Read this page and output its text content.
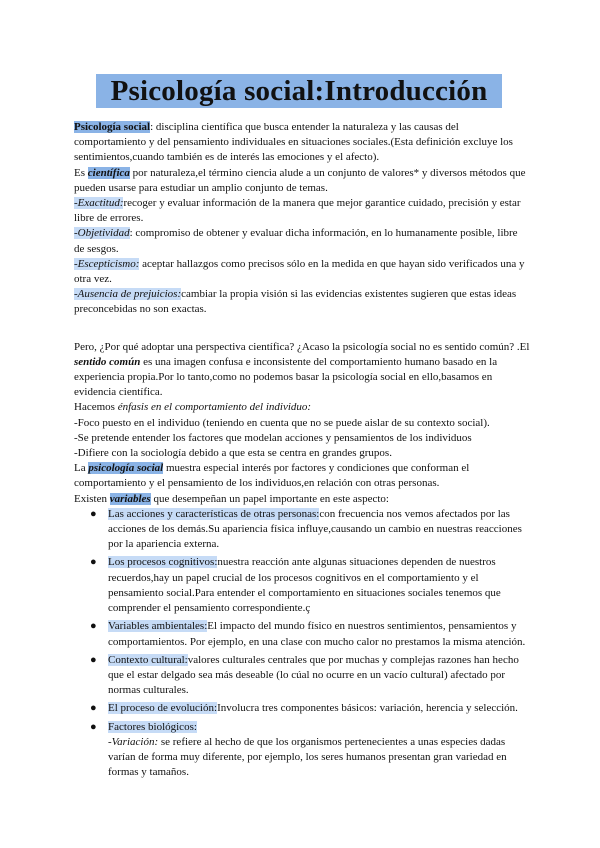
Psicología social:Introducción

Psicología social: disciplina científica que busca entender la naturaleza y las causas del comportamiento y del pensamiento individuales en situaciones sociales.(Esta definición excluye los sentimientos,cuando también es de interés las emociones y el afecto).

Es científica por naturaleza,el término ciencia alude a un conjunto de valores* y diversos métodos que pueden usarse para estudiar un amplio conjunto de temas.

-Exactitud:recoger y evaluar información de la manera que mejor garantice cuidado, precisión y estar libre de errores.

-Objetividad: compromiso de obtener y evaluar dicha información, en lo humanamente posible, libre de sesgos.

-Escepticismo: aceptar hallazgos como precisos sólo en la medida en que hayan sido verificados una y otra vez.

-Ausencia de prejuicios:cambiar la propia visión si las evidencias existentes sugieren que estas ideas preconcebidas no son exactas.

Pero, ¿Por qué adoptar una perspectiva científica? ¿Acaso la psicología social no es sentido común? .El sentido común es una imagen confusa e inconsistente del comportamiento humano basado en la experiencia propia.Por lo tanto,como no podemos basar la psicología social en ello,basamos en evidencia científica.

Hacemos énfasis en el comportamiento del individuo:

-Foco puesto en el individuo (teniendo en cuenta que no se puede aislar de su contexto social).

-Se pretende entender los factores que modelan acciones y pensamientos de los individuos

-Difiere con la sociología debido a que esta se centra en grandes grupos.

La psicología social muestra especial interés por factores y condiciones que conforman el comportamiento y el pensamiento de los individuos,en relación con otras personas.

Existen variables que desempeñan un papel importante en este aspecto:

● Las acciones y características de otras personas:con frecuencia nos vemos afectados por las acciones de los demás.Su apariencia física influye,causando un cambio en nuestras reacciones por la apariencia externa.
● Los procesos cognitivos:nuestra reacción ante algunas situaciones dependen de nuestros recuerdos,hay un papel crucial de los procesos cognitivos en el comportamiento y el pensamiento social.Para entender el comportamiento en situaciones sociales tenemos que comprender el pensamiento correspondiente.ç
● Variables ambientales:El impacto del mundo físico en nuestros sentimientos, pensamientos y comportamientos. Por ejemplo, en una clase con mucho calor no prestamos la misma atención.
● Contexto cultural:valores culturales centrales que por muchas y complejas razones han hecho que el estar delgado sea más deseable (lo cúal no ocurre en un vacío cultural) afectado por normas culturales.
● El proceso de evolución:Involucra tres componentes básicos: variación, herencia y selección.
● Factores biológicos:
-Variación: se refiere al hecho de que los organismos pertenecientes a unas especies dadas varían de forma muy diferente, por ejemplo, los seres humanos presentan gran variedad en formas y tamaños.
